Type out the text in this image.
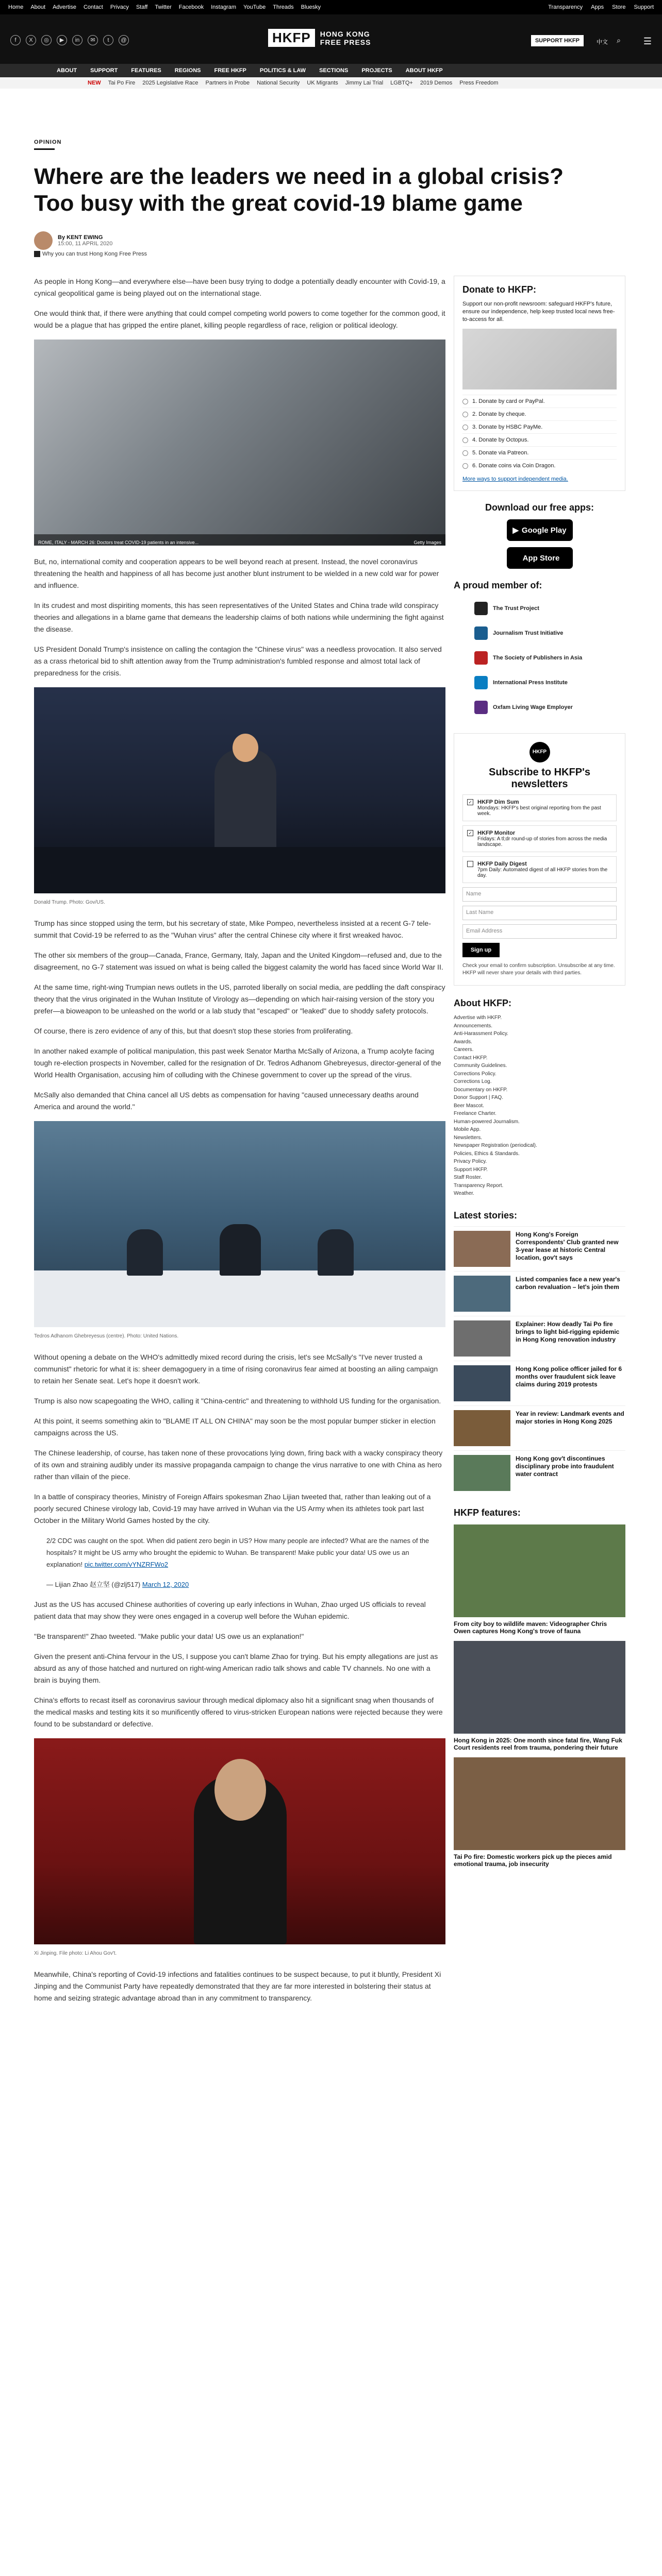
Home About Advertise Contact Privacy Staff Twitter Facebook Instagram YouTube Threads Bluesky	Transparency Apps Store Support
f	X	◎	▶	in	✉	t	@	HKFP	HONG KONG
FREE PRESS	SUPPORT HKFP	中文 ⌕ ☰
ABOUT SUPPORT FEATURES REGIONS FREE HKFP POLITICS & LAW SECTIONS PROJECTS ABOUT HKFP
NEW Tai Po Fire 2025 Legislative Race Partners in Probe National Security UK Migrants Jimmy Lai Trial LGBTQ+ 2019 Demos Press Freedom
OPINION
Where are the leaders we need in a global crisis? Too busy with the great covid-19 blame game
By KENT EWING
15:00, 11 APRIL 2020
Why you can trust Hong Kong Free Press

As people in Hong Kong—and everywhere else—have been busy trying to dodge a potentially deadly encounter with Covid-19, a cynical geopolitical game is being played out on the international stage.

One would think that, if there were anything that could compel competing world powers to come together for the common good, it would be a plague that has gripped the entire planet, killing people regardless of race, religion or political ideology.

ROME, ITALY - MARCH 26: Doctors treat COVID-19 patients in an intensive...	Getty Images

But, no, international comity and cooperation appears to be well beyond reach at present. Instead, the novel coronavirus threatening the health and happiness of all has become just another blunt instrument to be wielded in a new cold war for power and influence.

In its crudest and most dispiriting moments, this has seen representatives of the United States and China trade wild conspiracy theories and allegations in a blame game that demeans the leadership claims of both nations while undermining the fight against the disease.

US President Donald Trump's insistence on calling the contagion the "Chinese virus" was a needless provocation. It also served as a crass rhetorical bid to shift attention away from the Trump administration's fumbled response and almost total lack of preparedness for the crisis.

Donald Trump. Photo: Gov/US.

Trump has since stopped using the term, but his secretary of state, Mike Pompeo, nevertheless insisted at a recent G-7 tele-summit that Covid-19 be referred to as the "Wuhan virus" after the central Chinese city where it first wreaked havoc.

The other six members of the group—Canada, France, Germany, Italy, Japan and the United Kingdom—refused and, due to the disagreement, no G-7 statement was issued on what is being called the biggest calamity the world has faced since World War II.

At the same time, right-wing Trumpian news outlets in the US, parroted liberally on social media, are peddling the daft conspiracy theory that the virus originated in the Wuhan Institute of Virology as—depending on which hair-raising version of the story you prefer—a bioweapon to be unleashed on the world or a lab study that "escaped" or "leaked" due to shoddy safety protocols.

Of course, there is zero evidence of any of this, but that doesn't stop these stories from proliferating.

In another naked example of political manipulation, this past week Senator Martha McSally of Arizona, a Trump acolyte facing tough re-election prospects in November, called for the resignation of Dr. Tedros Adhanom Ghebreyesus, director-general of the World Health Organisation, accusing him of colluding with the Chinese government to cover up the spread of the virus.

McSally also demanded that China cancel all US debts as compensation for having "caused unnecessary deaths around America and around the world."

Tedros Adhanom Ghebreyesus (centre). Photo: United Nations.

Without opening a debate on the WHO's admittedly mixed record during the crisis, let's see McSally's "I've never trusted a communist" rhetoric for what it is: sheer demagoguery in a time of rising coronavirus fear aimed at boosting an ailing campaign to retain her Senate seat. Let's hope it doesn't work.

Trump is also now scapegoating the WHO, calling it "China-centric" and threatening to withhold US funding for the organisation.

At this point, it seems something akin to "BLAME IT ALL ON CHINA" may soon be the most popular bumper sticker in election campaigns across the US.

The Chinese leadership, of course, has taken none of these provocations lying down, firing back with a wacky conspiracy theory of its own and straining audibly under its massive propaganda campaign to change the virus narrative to one with China as hero rather than villain of the piece.

In a battle of conspiracy theories, Ministry of Foreign Affairs spokesman Zhao Lijian tweeted that, rather than leaking out of a poorly secured Chinese virology lab, Covid-19 may have arrived in Wuhan via the US Army when its athletes took part last October in the Military World Games hosted by the city.

2/2 CDC was caught on the spot. When did patient zero begin in US? How many people are infected? What are the names of the hospitals? It might be US army who brought the epidemic to Wuhan. Be transparent! Make public your data! US owe us an explanation! pic.twitter.com/vYNZRFWo2

— Lijian Zhao 赵立坚 (@zlj517) March 12, 2020

Just as the US has accused Chinese authorities of covering up early infections in Wuhan, Zhao urged US officials to reveal patient data that may show they were ones engaged in a coverup well before the Wuhan epidemic.

"Be transparent!" Zhao tweeted. "Make public your data! US owe us an explanation!"

Given the present anti-China fervour in the US, I suppose you can't blame Zhao for trying. But his empty allegations are just as absurd as any of those hatched and nurtured on right-wing American radio talk shows and cable TV channels. No one with a brain is buying them.

China's efforts to recast itself as coronavirus saviour through medical diplomacy also hit a significant snag when thousands of the medical masks and testing kits it so munificently offered to virus-stricken European nations were rejected because they were found to be substandard or defective.

Xi Jinping. File photo: Li Ahou Gov't.

Meanwhile, China's reporting of Covid-19 infections and fatalities continues to be suspect because, to put it bluntly, President Xi Jinping and the Communist Party have repeatedly demonstrated that they are far more interested in bolstering their status at home and seizing strategic advantage abroad than in any commitment to transparency.

Donate to HKFP:

Support our non-profit newsroom: safeguard HKFP's future, ensure our independence, help keep trusted local news free-to-access for all.

1. Donate by card or PayPal.
2. Donate by cheque.
3. Donate by HSBC PayMe.
4. Donate by Octopus.
5. Donate via Patreon.
6. Donate coins via Coin Dragon.
More ways to support independent media.
Download our free apps:
▶ Google Play
App Store
A proud member of:
The Trust Project
Journalism Trust Initiative
The Society of Publishers in Asia
International Press Institute
Oxfam Living Wage Employer
HKFP
Subscribe to HKFP's newsletters
✓ HKFP Dim Sum
Mondays: HKFP's best original reporting from the past week.
✓ HKFP Monitor
Fridays: A tl;dr round-up of stories from across the media landscape.
HKFP Daily Digest
7pm Daily: Automated digest of all HKFP stories from the day.
Name
Last Name
Email Address
Sign up

Check your email to confirm subscription. Unsubscribe at any time. HKFP will never share your details with third parties.

About HKFP:
Advertise with HKFP.
Announcements.
Anti-Harassment Policy.
Awards.
Careers.
Contact HKFP.
Community Guidelines.
Corrections Policy.
Corrections Log.
Documentary on HKFP.
Donor Support | FAQ.
Beer Mascot.
Freelance Charter.
Human-powered Journalism.
Mobile App.
Newsletters.
Newspaper Registration (periodical).
Policies, Ethics & Standards.
Privacy Policy.
Support HKFP.
Staff Roster.
Transparency Report.
Weather.
Latest stories:
Hong Kong's Foreign Correspondents' Club granted new 3-year lease at historic Central location, gov't says
Listed companies face a new year's carbon revaluation – let's join them
Explainer: How deadly Tai Po fire brings to light bid-rigging epidemic in Hong Kong renovation industry
Hong Kong police officer jailed for 6 months over fraudulent sick leave claims during 2019 protests
Year in review: Landmark events and major stories in Hong Kong 2025
Hong Kong gov't discontinues disciplinary probe into fraudulent water contract
HKFP features:
From city boy to wildlife maven: Videographer Chris Owen captures Hong Kong's trove of fauna
Hong Kong in 2025: One month since fatal fire, Wang Fuk Court residents reel from trauma, pondering their future
Tai Po fire: Domestic workers pick up the pieces amid emotional trauma, job insecurity
